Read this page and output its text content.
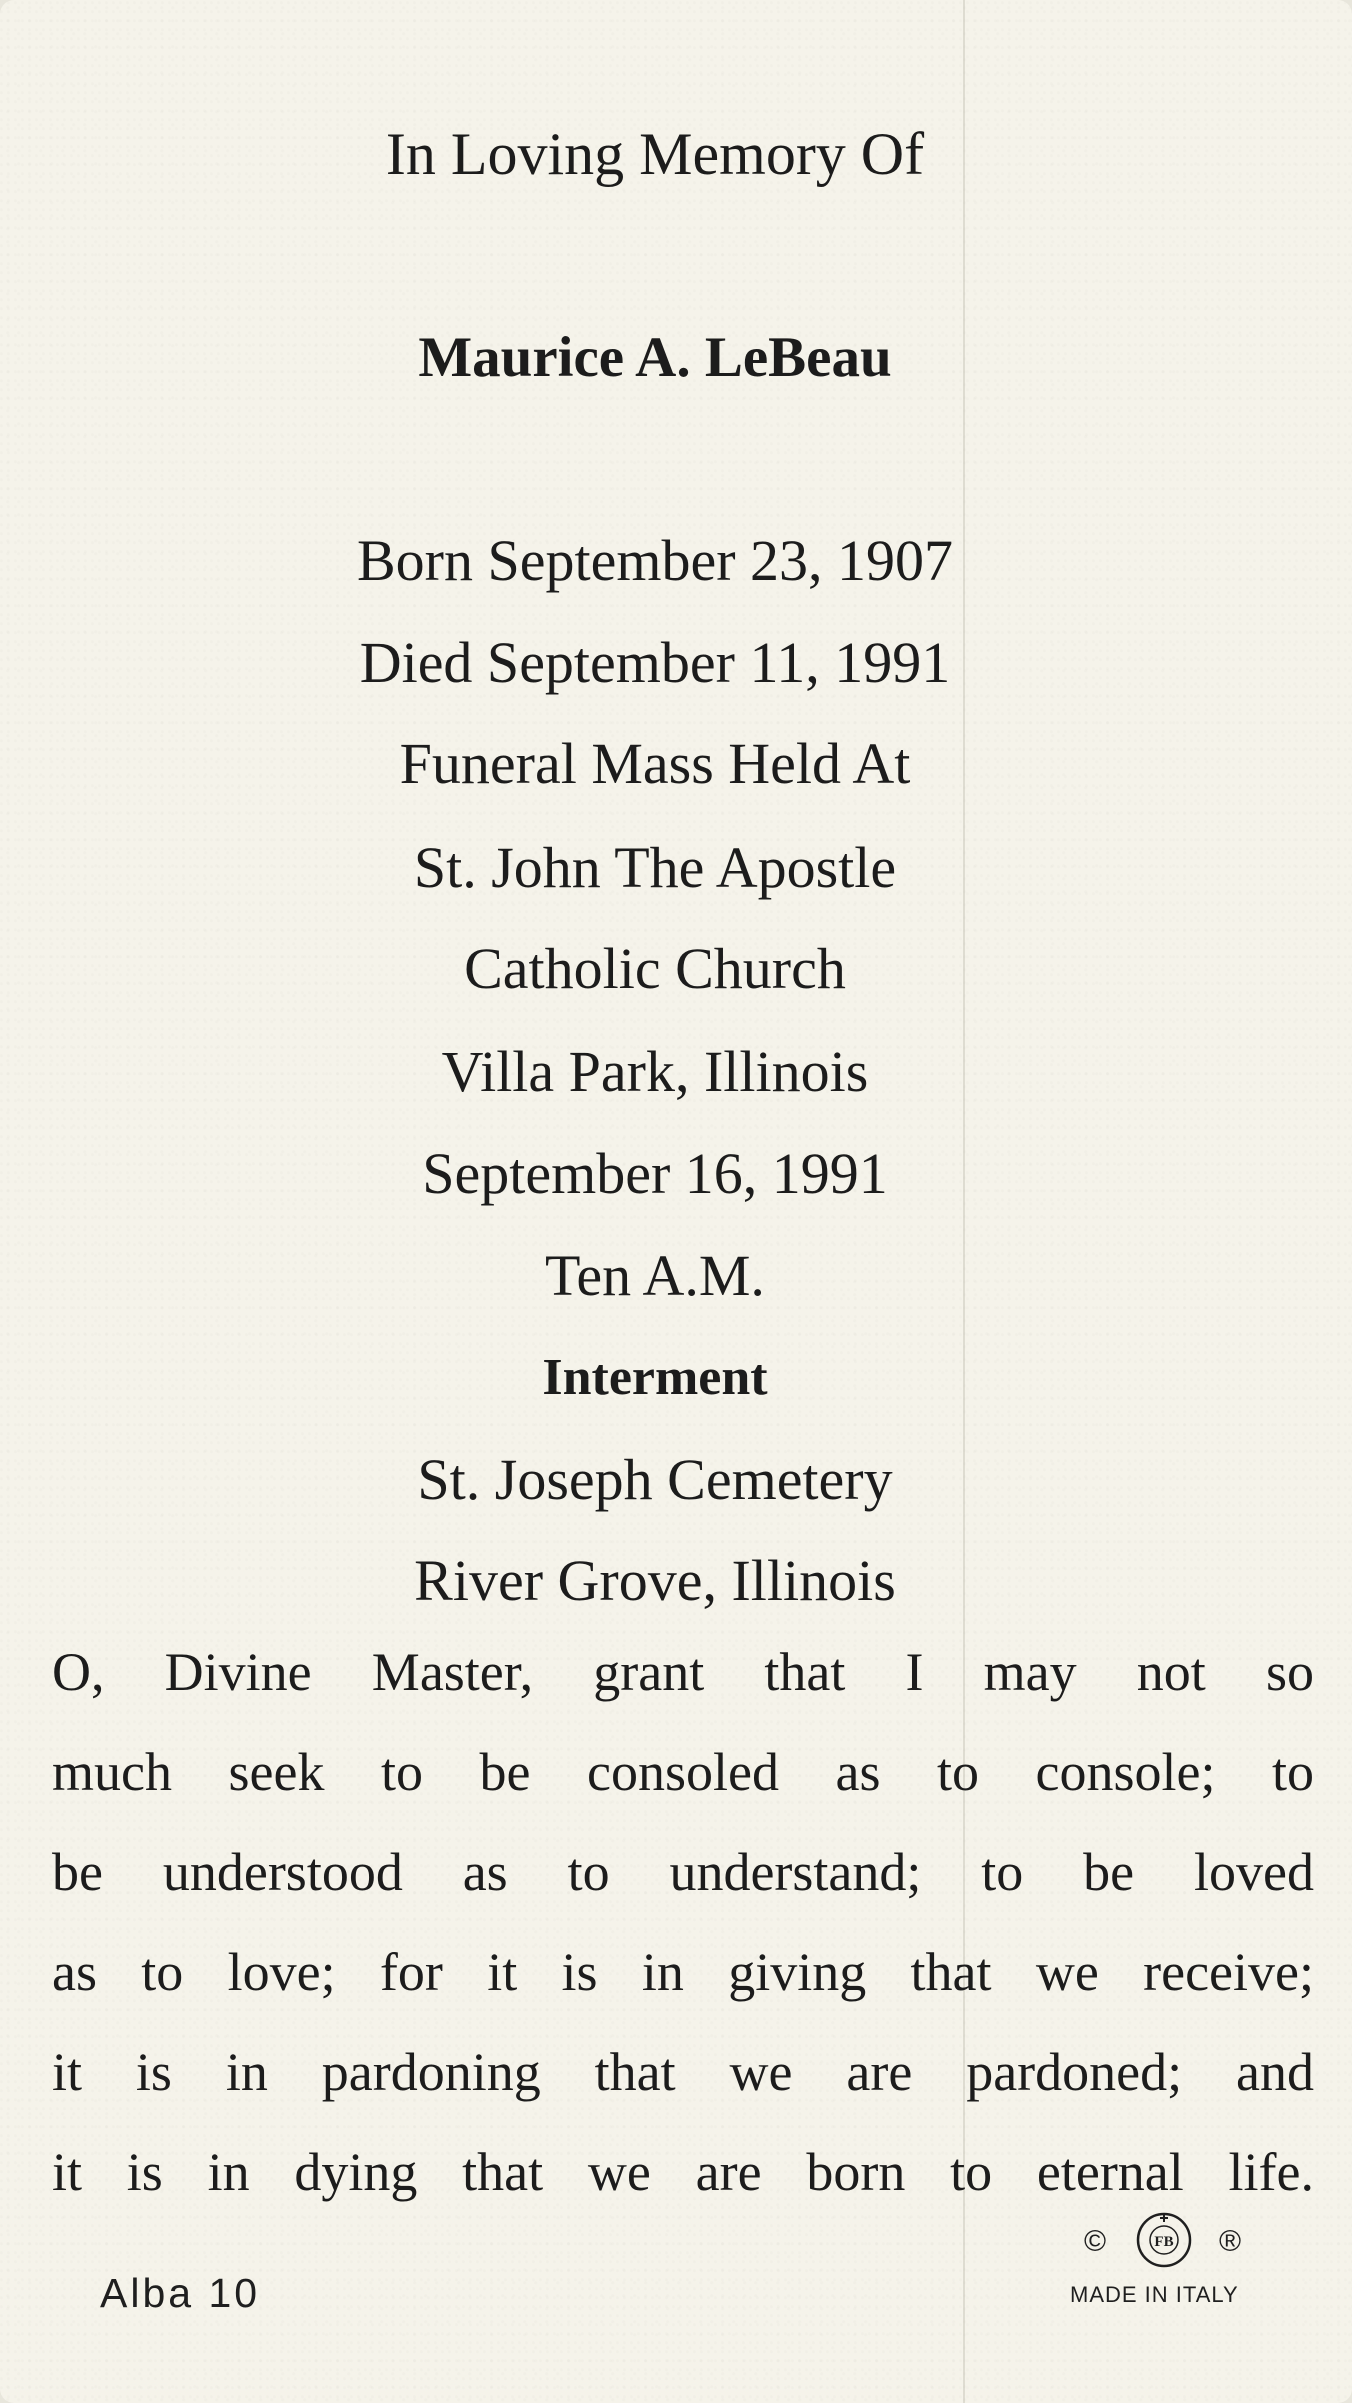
In Loving Memory Of
Maurice A. LeBeau
Born September 23, 1907
Died September 11, 1991
Funeral Mass Held At
St. John The Apostle
Catholic Church
Villa Park, Illinois
September 16, 1991
Ten A.M.
Interment
St. Joseph Cemetery
River Grove, Illinois
O, Divine Master, grant that I may not so
much seek to be consoled as to console; to
be understood as to understand; to be loved
as to love; for it is in giving that we receive;
it is in pardoning that we are pardoned; and
it is in dying that we are born to eternal life.
Alba 10
©	FB ®
MADE IN ITALY
